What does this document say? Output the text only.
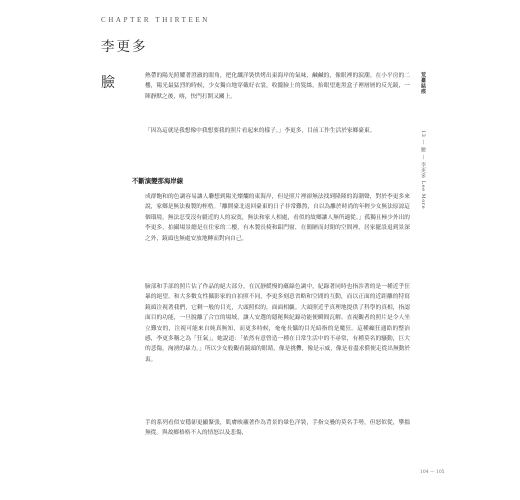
CHAPTER THIRTEEN
李更多
臉	熱帶的陽光照耀著澄澈的眼角，把化纖洋裝烘烤出東海岸的氣味，鹹鹹的，像眼裡的淚潮。在小平房的二樓，陽光最猛烈的時候，少女獨自地穿戴好衣裳，收攏臉上的髮絲，抬眼望進黑盒子裡層層的反光鏡，一陣靜默之後，喀，快門打開又關上。
「因為這就是我想像中我想要我的照片看起來的樣子。」李更多，目前工作生活於家鄉臺東。
不斷演變那海岸線
成群飽和的色調容易讓人聯想到陽光燦爛的東海岸，但是照片裡卻無法找到隆隆的海潮聲，對於李更多來說，家鄉是無法複製的桎梏。「離開臺北返回臺東的日子非常難熬，自以為離於時尚的年輕少女無法原諒這個環境，無法忍受沒有疆近的人的寂寞，無法和家人相處，看似的故鄉讓人無所適從。」孤獨且極少外出的李更多，拍攝場景總是在住家的二樓，有木製長椅和鋁門窗，在簡陋而封閉的空間裡，居家擺設退到景深之外，鏡頭也無處安放地轉而對向自己。
臉部和手部的照片佔了作品的絕大部分，在沉靜緩慢的蘊綠色調中，紀錄著同時也指涉著的是一種近乎狂暴的絕望。和大多數女性攝影家的自拍照不同，李更多刻意省略和空間的互動，而以正面的近距離的特寫鏡頭注視著我們，它剩一般的目光，大頭照似的，面面相覷。大頭照近乎真理地提供了科學的真相，指認面目的功能，一旦脫離了合宜的場域，讓人安選的隱秘與紀錄功能便瞬間瓦解。直視觀者的照片是令人坐立難安的，注視可能來自純真無知，而更多時候，奄奄長懾的目光暗指的是魔狂。這種癲狂通絡的整治感，李更多稱之為「狂氣」，她說道：「依然有意營造一種在日常生活中的不尋常，有種莫名的騷動，巨大的悲傷，洶湧的暴力。」所以少女般觀看鏡頭的眼睛，像是挑釁，像是示威，像是看盡求償便走從出無動於衷。
手的系列看似安穩卻更顯緊張，肌膚映襯著作為背景的暈色洋裝，手指交疊的莫名手勢，但怒似從，攀搵無從。與故鄉格格不入的情怒以及悲傷，
荒臺誌痕
13 — 臉 — 李更多 Lee More
104 — 105
